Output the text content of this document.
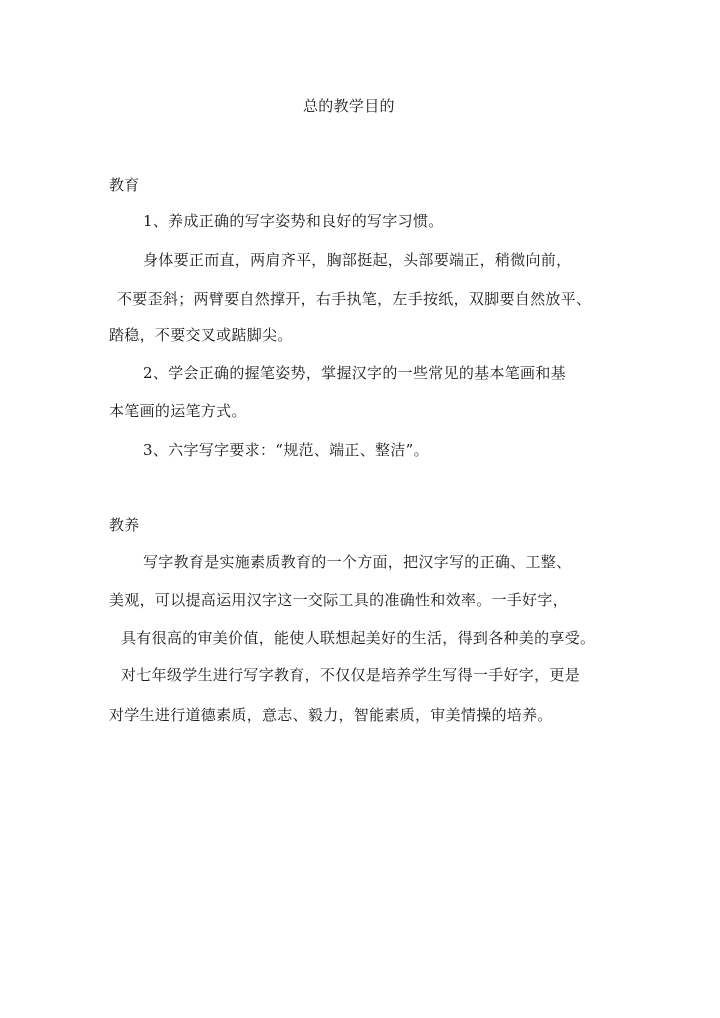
总的教学目的
教育
1、养成正确的写字姿势和良好的写字习惯。
身体要正而直，两肩齐平，胸部挺起，头部要端正，稍微向前，
不要歪斜；两臂要自然撑开，右手执笔，左手按纸，双脚要自然放平、
踏稳，不要交叉或踮脚尖。
2、学会正确的握笔姿势，掌握汉字的一些常见的基本笔画和基
本笔画的运笔方式。
3、六字写字要求：“规范、端正、整洁”。
教养
写字教育是实施素质教育的一个方面，把汉字写的正确、工整、
美观，可以提高运用汉字这一交际工具的准确性和效率。一手好字，
具有很高的审美价值，能使人联想起美好的生活，得到各种美的享受。
对七年级学生进行写字教育，不仅仅是培养学生写得一手好字，更是
对学生进行道德素质，意志、毅力，智能素质，审美情操的培养。
